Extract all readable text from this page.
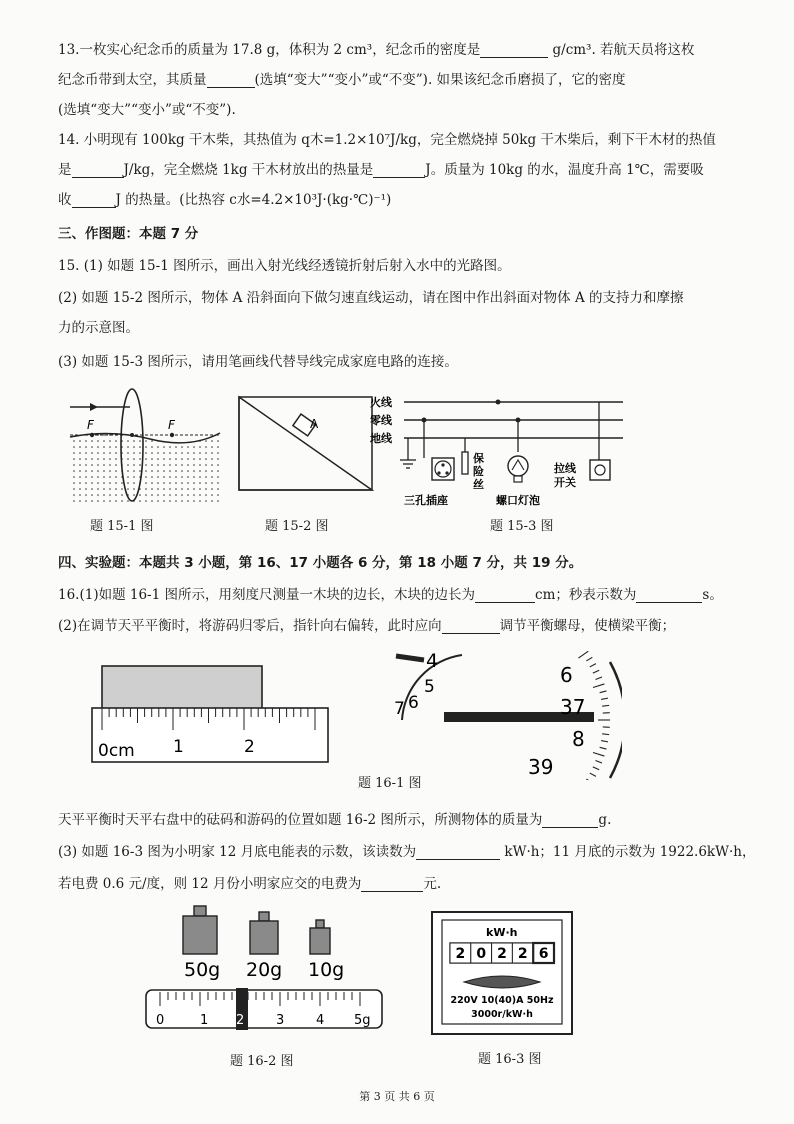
13.一枚实心纪念币的质量为 17.8 g，体积为 2 cm³，纪念币的密度是	g/cm³. 若航天员将这枚
纪念币带到太空，其质量	(选填“变大”“变小”或“不变”). 如果该纪念币磨损了，它的密度
(选填“变大”“变小”或“不变”).
14. 小明现有 100kg 干木柴，其热值为 q木=1.2×10⁷J/kg，完全燃烧掉 50kg 干木柴后，剩下干木材的热值
是	J/kg，完全燃烧 1kg 干木材放出的热量是	J。质量为 10kg 的水，温度升高 1℃，需要吸
收	J 的热量。(比热容 c水=4.2×10³J·(kg·℃)⁻¹)
三、作图题：本题 7 分
15. (1) 如题 15-1 图所示，画出入射光线经透镜折射后射入水中的光路图。
(2) 如题 15-2 图所示，物体 A 沿斜面向下做匀速直线运动，请在图中作出斜面对物体 A 的支持力和摩擦
力的示意图。
(3) 如题 15-3 图所示，请用笔画线代替导线完成家庭电路的连接。
F	F	A
火线
零线
地线
保
险
丝
拉线
开关
三孔插座	螺口灯泡
题 15-1 图	题 15-2 图	题 15-3 图
四、实验题：本题共 3 小题，第 16、17 小题各 6 分，第 18 小题 7 分，共 19 分。
16.(1)如题 16-1 图所示，用刻度尺测量一木块的边长，木块的边长为	cm；秒表示数为	s。
(2)在调节天平平衡时，将游码归零后，指针向右偏转，此时应向	调节平衡螺母，使横梁平衡；
0cm 1	2
4
5
6
7
6
37
8
39
题 16-1 图
天平平衡时天平右盘中的砝码和游码的位置如题 16-2 图所示，所测物体的质量为	g.
(3) 如题 16-3 图为小明家 12 月底电能表的示数，该读数为	kW·h；11 月底的示数为 1922.6kW·h，
若电费 0.6 元/度，则 12 月份小明家应交的电费为	元.
50g 20g 10g
0	1 2 3 4 5g
题 16-2 图
kW·h
2 0 2 2 6
220V 10(40)A 50Hz
3000r/kW·h
题 16-3 图
第 3 页 共 6 页
